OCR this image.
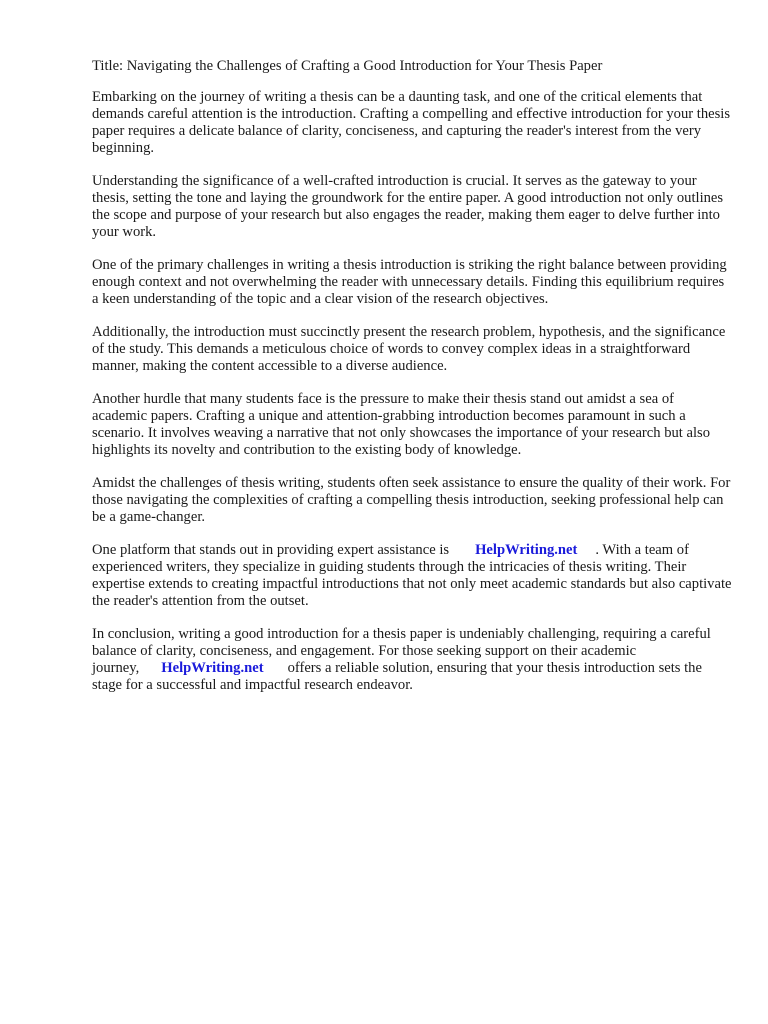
Title: Navigating the Challenges of Crafting a Good Introduction for Your Thesis Paper

Embarking on the journey of writing a thesis can be a daunting task, and one of the critical elements that demands careful attention is the introduction. Crafting a compelling and effective introduction for your thesis paper requires a delicate balance of clarity, conciseness, and capturing the reader's interest from the very beginning.

Understanding the significance of a well-crafted introduction is crucial. It serves as the gateway to your thesis, setting the tone and laying the groundwork for the entire paper. A good introduction not only outlines the scope and purpose of your research but also engages the reader, making them eager to delve further into your work.

One of the primary challenges in writing a thesis introduction is striking the right balance between providing enough context and not overwhelming the reader with unnecessary details. Finding this equilibrium requires a keen understanding of the topic and a clear vision of the research objectives.

Additionally, the introduction must succinctly present the research problem, hypothesis, and the significance of the study. This demands a meticulous choice of words to convey complex ideas in a straightforward manner, making the content accessible to a diverse audience.

Another hurdle that many students face is the pressure to make their thesis stand out amidst a sea of academic papers. Crafting a unique and attention-grabbing introduction becomes paramount in such a scenario. It involves weaving a narrative that not only showcases the importance of your research but also highlights its novelty and contribution to the existing body of knowledge.

Amidst the challenges of thesis writing, students often seek assistance to ensure the quality of their work. For those navigating the complexities of crafting a compelling thesis introduction, seeking professional help can be a game-changer.

One platform that stands out in providing expert assistance is HelpWriting.net . With a team of experienced writers, they specialize in guiding students through the intricacies of thesis writing. Their expertise extends to creating impactful introductions that not only meet academic standards but also captivate the reader's attention from the outset.

In conclusion, writing a good introduction for a thesis paper is undeniably challenging, requiring a careful balance of clarity, conciseness, and engagement. For those seeking support on their academic journey, HelpWriting.net offers a reliable solution, ensuring that your thesis introduction sets the stage for a successful and impactful research endeavor.
